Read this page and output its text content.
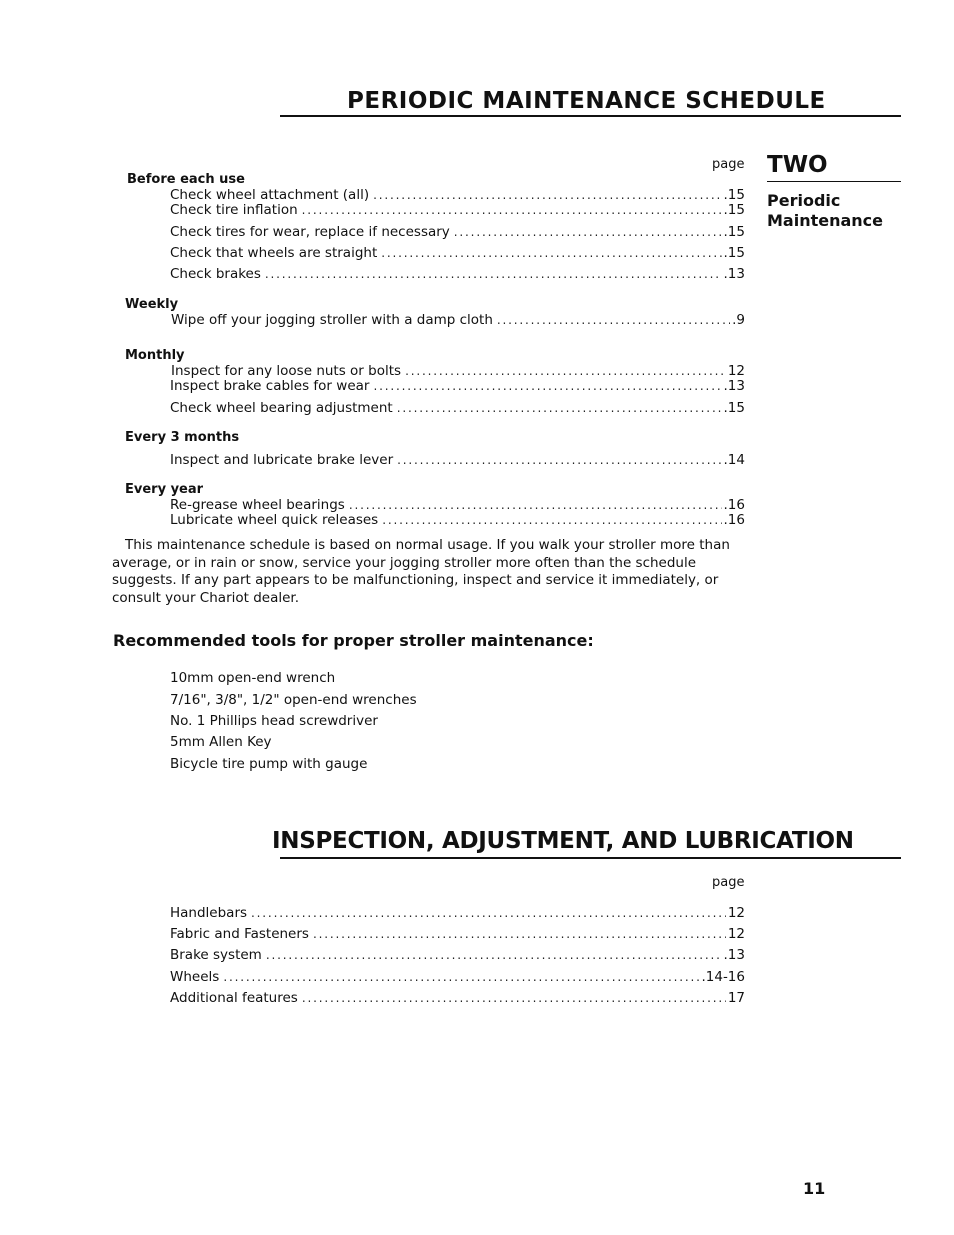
PERIODIC MAINTENANCE SCHEDULE
TWO
Periodic
Maintenance
page
Before each use
Check wheel attachment (all) . . .	.15
Check tire inflation . . .	.15
Check tires for wear, replace if necessary . . .	.15
Check that wheels are straight . . .	.15
Check brakes . . .	.13
Weekly
Wipe off your jogging stroller with a damp cloth . . .	.9
Monthly
Inspect for any loose nuts or bolts . . .	12
Inspect brake cables for wear . . .	.13
Check wheel bearing adjustment . . .	.15
Every 3 months
Inspect and lubricate brake lever . . .	.14
Every year
Re-grease wheel bearings . . .	.16
Lubricate wheel quick releases . . .	.16
This maintenance schedule is based on normal usage. If you walk your stroller more than average, or in rain or snow, service your jogging stroller more often than the schedule suggests. If any part appears to be malfunctioning, inspect and service it immediately, or consult your Chariot dealer.
Recommended tools for proper stroller maintenance:
10mm open-end wrench
7/16", 3/8", 1/2" open-end wrenches
No. 1 Phillips head screwdriver
5mm Allen Key
Bicycle tire pump with gauge
INSPECTION, ADJUSTMENT, AND LUBRICATION
page
Handlebars . . .	12
Fabric and Fasteners . . .	12
Brake system . . .	.13
Wheels . . .	.14-16
Additional features . . .	17
11
